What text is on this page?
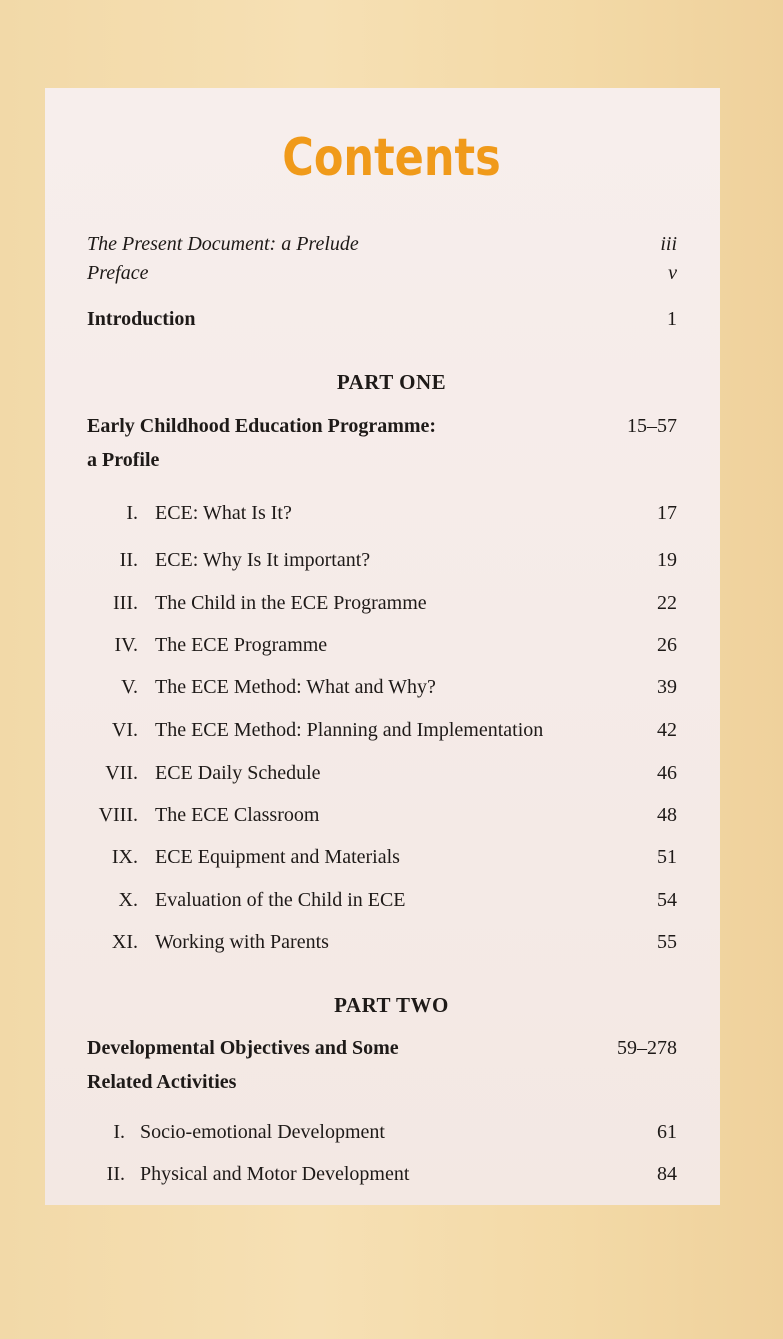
Contents
The Present Document: a Prelude	iii
Preface	v
Introduction	1
PART ONE
Early Childhood Education Programme:	15–57
a Profile
I. ECE: What Is It?	17
II. ECE: Why Is It important?	19
III. The Child in the ECE Programme	22
IV. The ECE Programme	26
V. The ECE Method: What and Why?	39
VI. The ECE Method: Planning and Implementation	42
VII. ECE Daily Schedule	46
VIII. The ECE Classroom	48
IX. ECE Equipment and Materials	51
X. Evaluation of the Child in ECE	54
XI. Working with Parents	55
PART TWO
Developmental Objectives and Some	59–278
Related Activities
I. Socio-emotional Development	61
II. Physical and Motor Development	84
